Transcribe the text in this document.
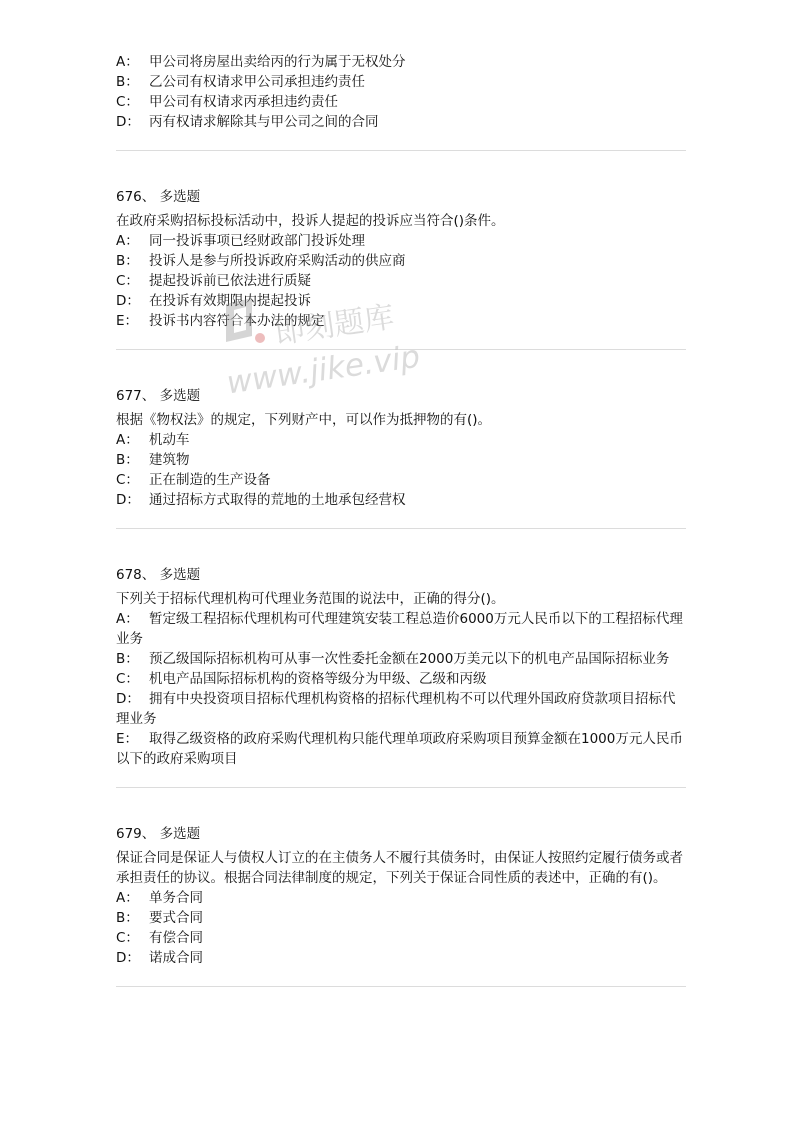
A： 甲公司将房屋出卖给丙的行为属于无权处分
B： 乙公司有权请求甲公司承担违约责任
C： 甲公司有权请求丙承担违约责任
D： 丙有权请求解除其与甲公司之间的合同

676、 多选题

在政府采购招标投标活动中，投诉人提起的投诉应当符合()条件。

A： 同一投诉事项已经财政部门投诉处理
B： 投诉人是参与所投诉政府采购活动的供应商
C： 提起投诉前已依法进行质疑
D： 在投诉有效期限内提起投诉
E： 投诉书内容符合本办法的规定

677、 多选题

根据《物权法》的规定，下列财产中，可以作为抵押物的有()。

A： 机动车
B： 建筑物
C： 正在制造的生产设备
D： 通过招标方式取得的荒地的土地承包经营权

678、 多选题

下列关于招标代理机构可代理业务范围的说法中，正确的得分()。

A： 暂定级工程招标代理机构可代理建筑安装工程总造价6000万元人民币以下的工程招标代理业务
B： 预乙级国际招标机构可从事一次性委托金额在2000万美元以下的机电产品国际招标业务
C： 机电产品国际招标机构的资格等级分为甲级、乙级和丙级
D： 拥有中央投资项目招标代理机构资格的招标代理机构不可以代理外国政府贷款项目招标代理业务
E： 取得乙级资格的政府采购代理机构只能代理单项政府采购项目预算金额在1000万元人民币以下的政府采购项目

679、 多选题

保证合同是保证人与债权人订立的在主债务人不履行其债务时，由保证人按照约定履行债务或者承担责任的协议。根据合同法律制度的规定，下列关于保证合同性质的表述中，正确的有()。

A： 单务合同
B： 要式合同
C： 有偿合同
D： 诺成合同
即刻题库
www.jike.vip
